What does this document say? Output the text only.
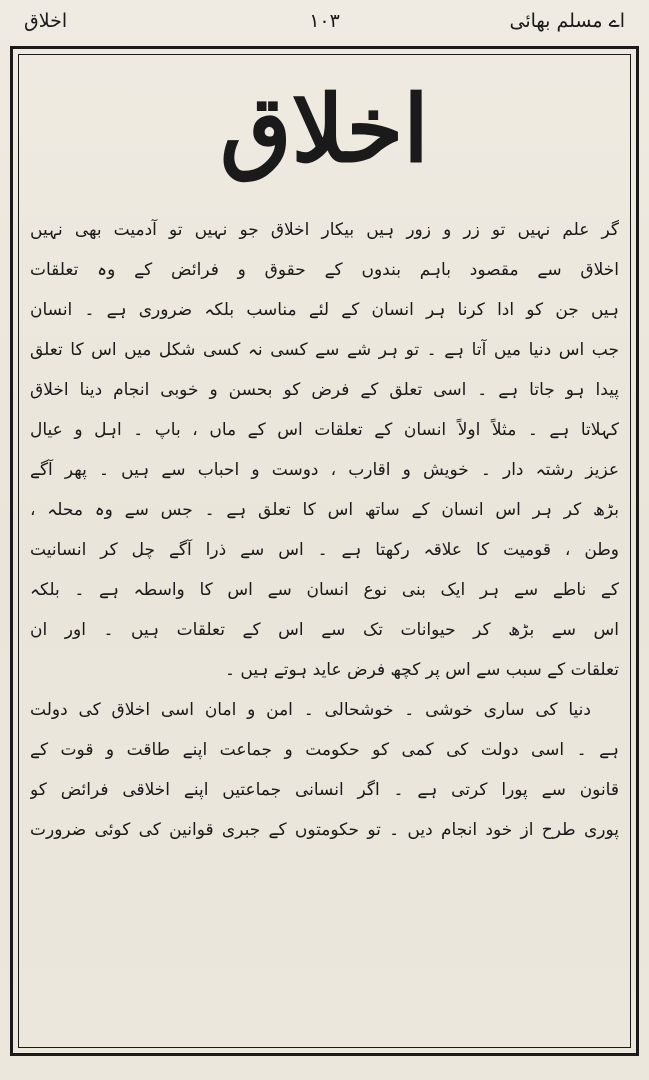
اے مسلم بھائی
۱۰۳
اخلاق
اخلاق
گر علم نہیں تو زر و زور ہیں بیکار اخلاق جو نہیں تو آدمیت بھی نہیں
اخلاق سے مقصود باہم بندوں کے حقوق و فرائض کے وہ تعلقات
ہیں جن کو ادا کرنا ہر انسان کے لئے مناسب بلکہ ضروری ہے ۔ انسان
جب اس دنیا میں آتا ہے ۔ تو ہر شے سے کسی نہ کسی شکل میں اس کا تعلق
پیدا ہو جاتا ہے ۔ اسی تعلق کے فرض کو بحسن و خوبی انجام دینا اخلاق
کہلاتا ہے ۔ مثلاً اولاً انسان کے تعلقات اس کے ماں ، باپ ۔ اہل و عیال
عزیز رشتہ دار ۔ خویش و اقارب ، دوست و احباب سے ہیں ۔ پھر آگے
بڑھ کر ہر اس انسان کے ساتھ اس کا تعلق ہے ۔ جس سے وہ محلہ ،
وطن ، قومیت کا علاقہ رکھتا ہے ۔ اس سے ذرا آگے چل کر انسانیت
کے ناطے سے ہر ایک بنی نوع انسان سے اس کا واسطہ ہے ۔ بلکہ
اس سے بڑھ کر حیوانات تک سے اس کے تعلقات ہیں ۔ اور ان
تعلقات کے سبب سے اس پر کچھ فرض عاید ہوتے ہیں ۔
دنیا کی ساری خوشی ۔ خوشحالی ۔ امن و امان اسی اخلاق کی دولت
ہے ۔ اسی دولت کی کمی کو حکومت و جماعت اپنے طاقت و قوت کے
قانون سے پورا کرتی ہے ۔ اگر انسانی جماعتیں اپنے اخلاقی فرائض کو
پوری طرح از خود انجام دیں ۔ تو حکومتوں کے جبری قوانین کی کوئی ضرورت
